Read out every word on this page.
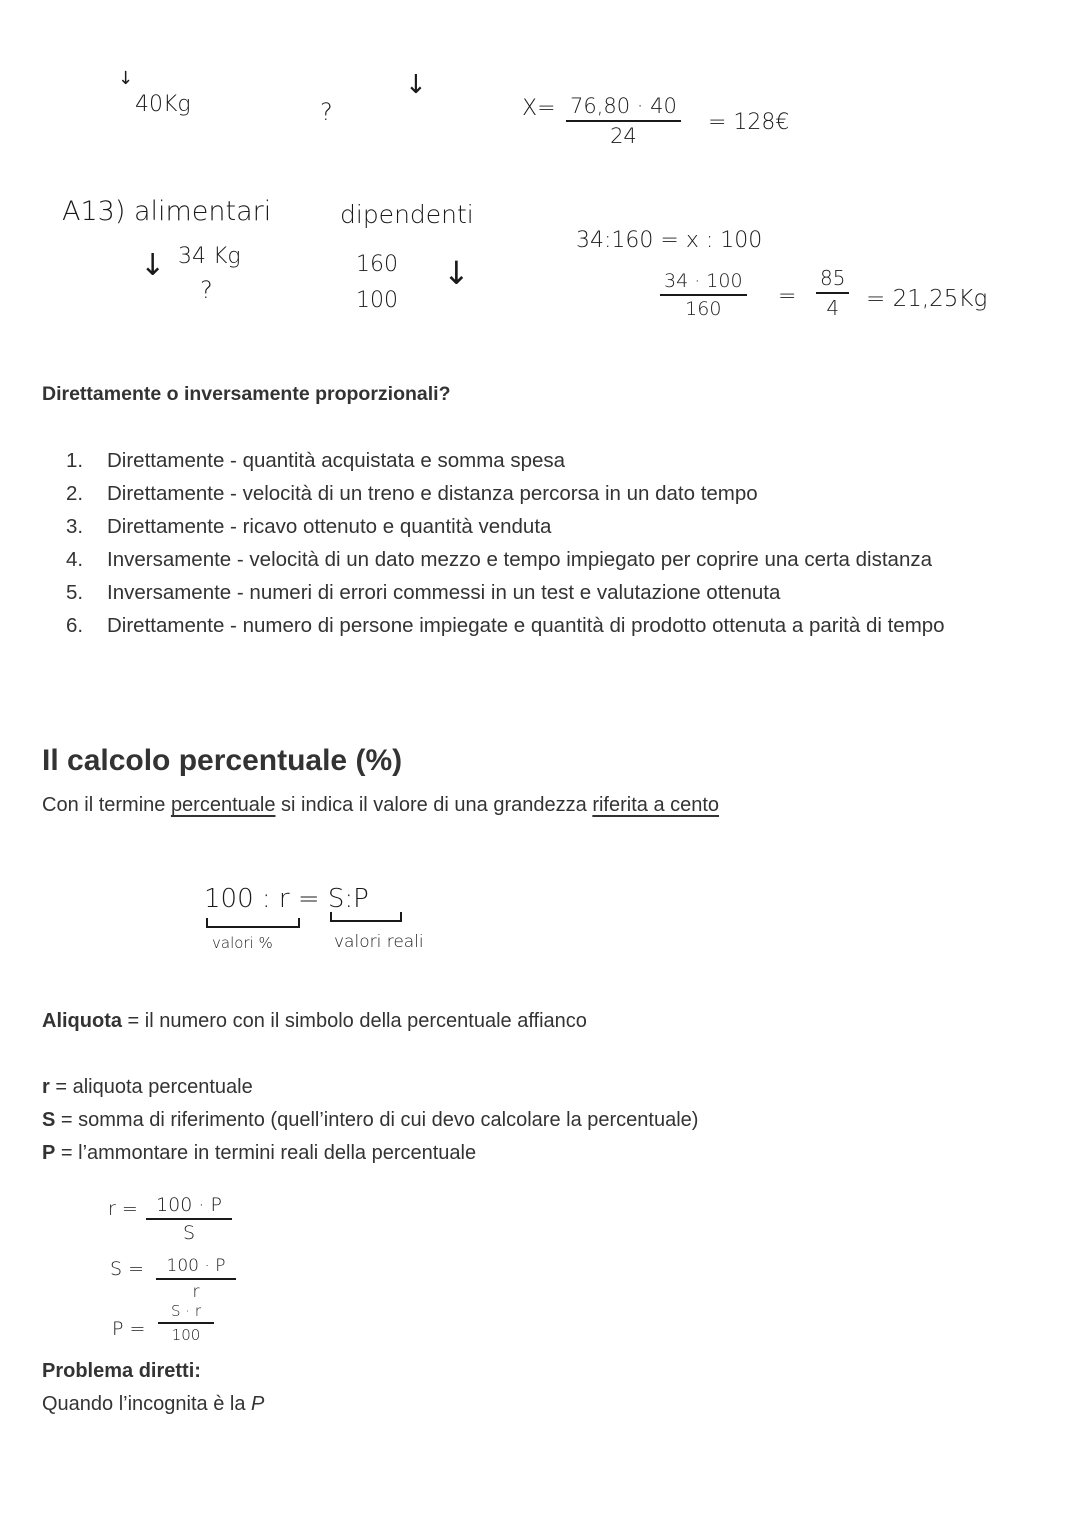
40Kg
↓
?
↓
$X= \frac{76,80 \cdot 40}{24}$ = 128€
A13) alimentari
↓ 34 Kg
?
dipendenti
160
100
↓
34:160 = x : 100
$\frac{34 \cdot 100}{160} = \frac{85}{4} = 21,25Kg$
Direttamente o inversamente proporzionali?
1. Direttamente - quantità acquistata e somma spesa
2. Direttamente - velocità di un treno e distanza percorsa in un dato tempo
3. Direttamente - ricavo ottenuto e quantità venduta
4. Inversamente - velocità di un dato mezzo e tempo impiegato per coprire una certa distanza
5. Inversamente - numeri di errori commessi in un test e valutazione ottenuta
6. Direttamente - numero di persone impiegate e quantità di prodotto ottenuta a parità di tempo
Il calcolo percentuale (%)
Con il termine percentuale si indica il valore di una grandezza riferita a cento
100 : r = S:P
valori %	valori reali
Aliquota = il numero con il simbolo della percentuale affianco
r = aliquota percentuale
S = somma di riferimento (quell’intero di cui devo calcolare la percentuale)
P = l’ammontare in termini reali della percentuale
$r = \frac{100 \cdot P}{S}$
$S = \frac{100 \cdot P}{r}$
$P = \frac{S \cdot r}{100}$
Problema diretti:
Quando l’incognita è la P
